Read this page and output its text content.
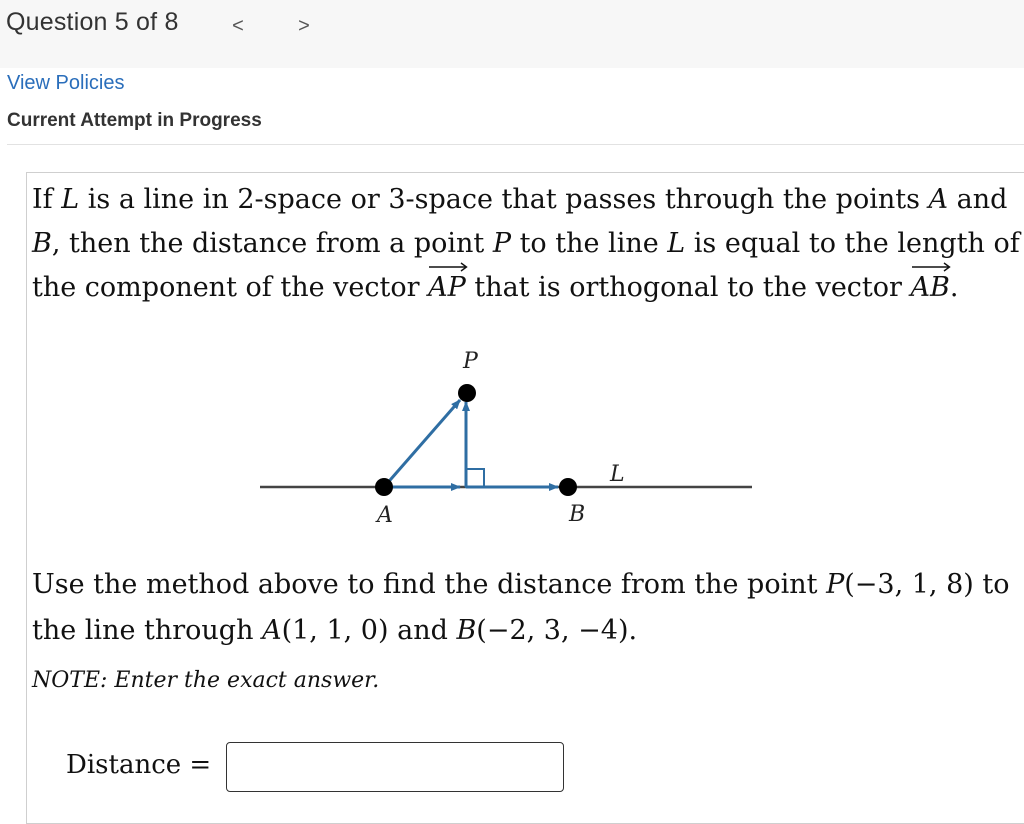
Question 5 of 8	<	>
View Policies
Current Attempt in Progress
If L is a line in 2-space or 3-space that passes through the points A and B, then the distance from a point P to the line L is equal to the length of the component of the vector
AP that is orthogonal to the vector
AB.
P
A	B
L
Use the method above to find the distance from the point P(−3, 1, 8) to the line through A(1, 1, 0) and B(−2, 3, −4).
NOTE: Enter the exact answer.
Distance =
